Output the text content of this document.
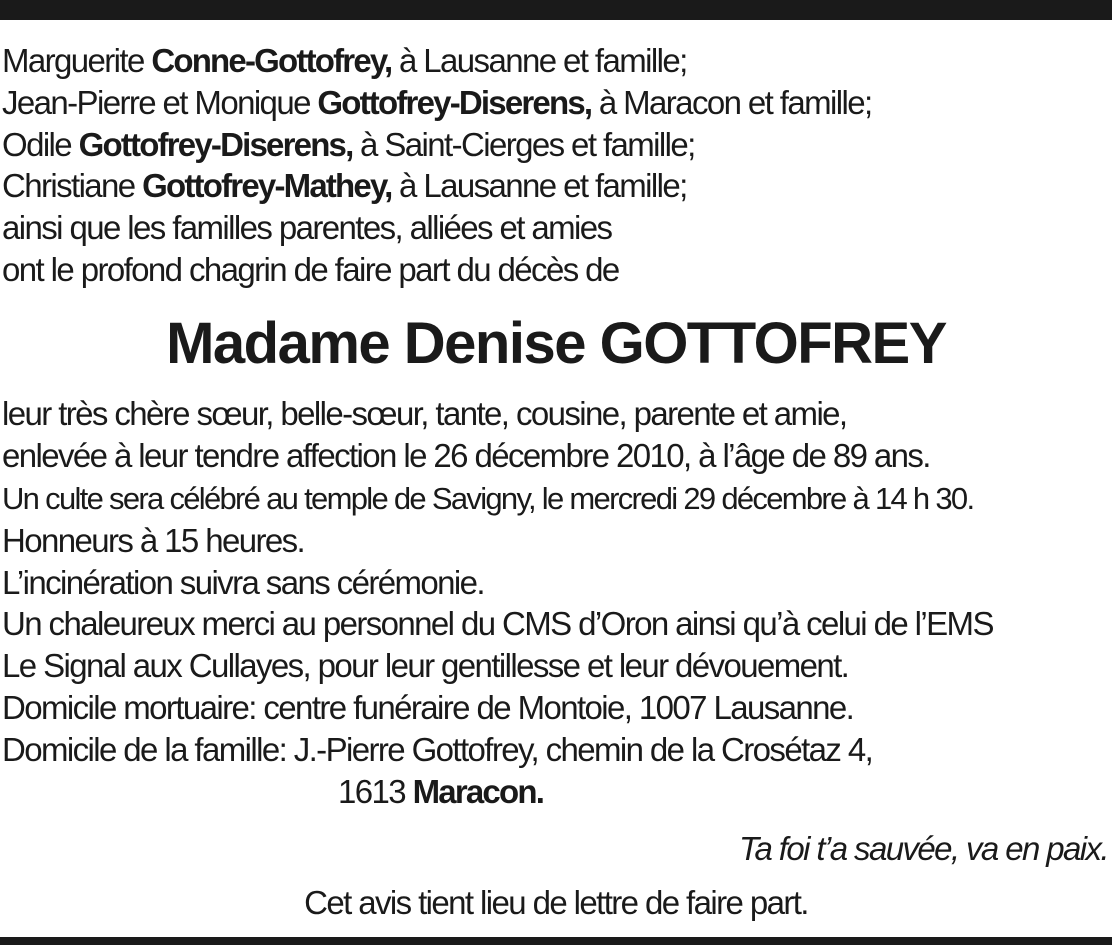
Marguerite Conne-Gottofrey, à Lausanne et famille;
Jean-Pierre et Monique Gottofrey-Diserens, à Maracon et famille;
Odile Gottofrey-Diserens, à Saint-Cierges et famille;
Christiane Gottofrey-Mathey, à Lausanne et famille;
ainsi que les familles parentes, alliées et amies
ont le profond chagrin de faire part du décès de
Madame Denise GOTTOFREY
leur très chère sœur, belle-sœur, tante, cousine, parente et amie,
enlevée à leur tendre affection le 26 décembre 2010, à l’âge de 89 ans.
Un culte sera célébré au temple de Savigny, le mercredi 29 décembre à 14 h 30.
Honneurs à 15 heures.
L’incinération suivra sans cérémonie.
Un chaleureux merci au personnel du CMS d’Oron ainsi qu’à celui de l’EMS
Le Signal aux Cullayes, pour leur gentillesse et leur dévouement.
Domicile mortuaire: centre funéraire de Montoie, 1007 Lausanne.
Domicile de la famille: J.-Pierre Gottofrey, chemin de la Crosétaz 4,
1613 Maracon.
Ta foi t’a sauvée, va en paix.
Cet avis tient lieu de lettre de faire part.
